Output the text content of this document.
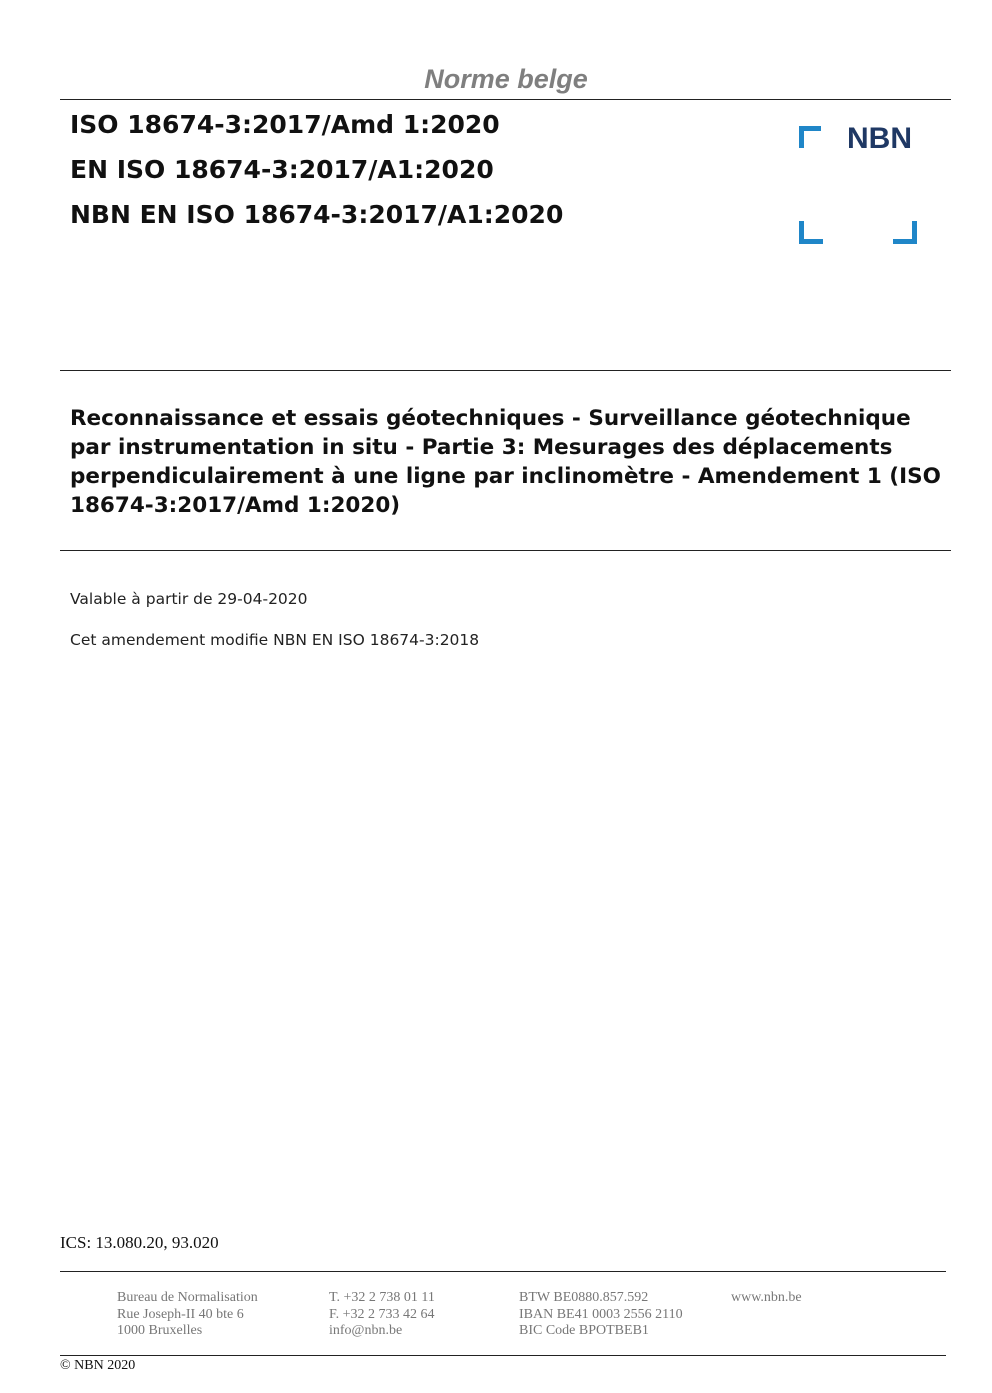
Norme belge
ISO 18674-3:2017/Amd 1:2020
EN ISO 18674-3:2017/A1:2020
NBN EN ISO 18674-3:2017/A1:2020
NBN
Reconnaissance et essais géotechniques - Surveillance géotechnique par instrumentation in situ - Partie 3: Mesurages des déplacements perpendiculairement à une ligne par inclinomètre - Amendement 1 (ISO 18674-3:2017/Amd 1:2020)
Valable à partir de 29-04-2020
Cet amendement modifie NBN EN ISO 18674-3:2018
ICS: 13.080.20, 93.020
Bureau de Normalisation
Rue Joseph-II 40 bte 6
1000 Bruxelles
T. +32 2 738 01 11
F. +32 2 733 42 64
info@nbn.be
BTW BE0880.857.592
IBAN BE41 0003 2556 2110
BIC Code BPOTBEB1
www.nbn.be
© NBN 2020
